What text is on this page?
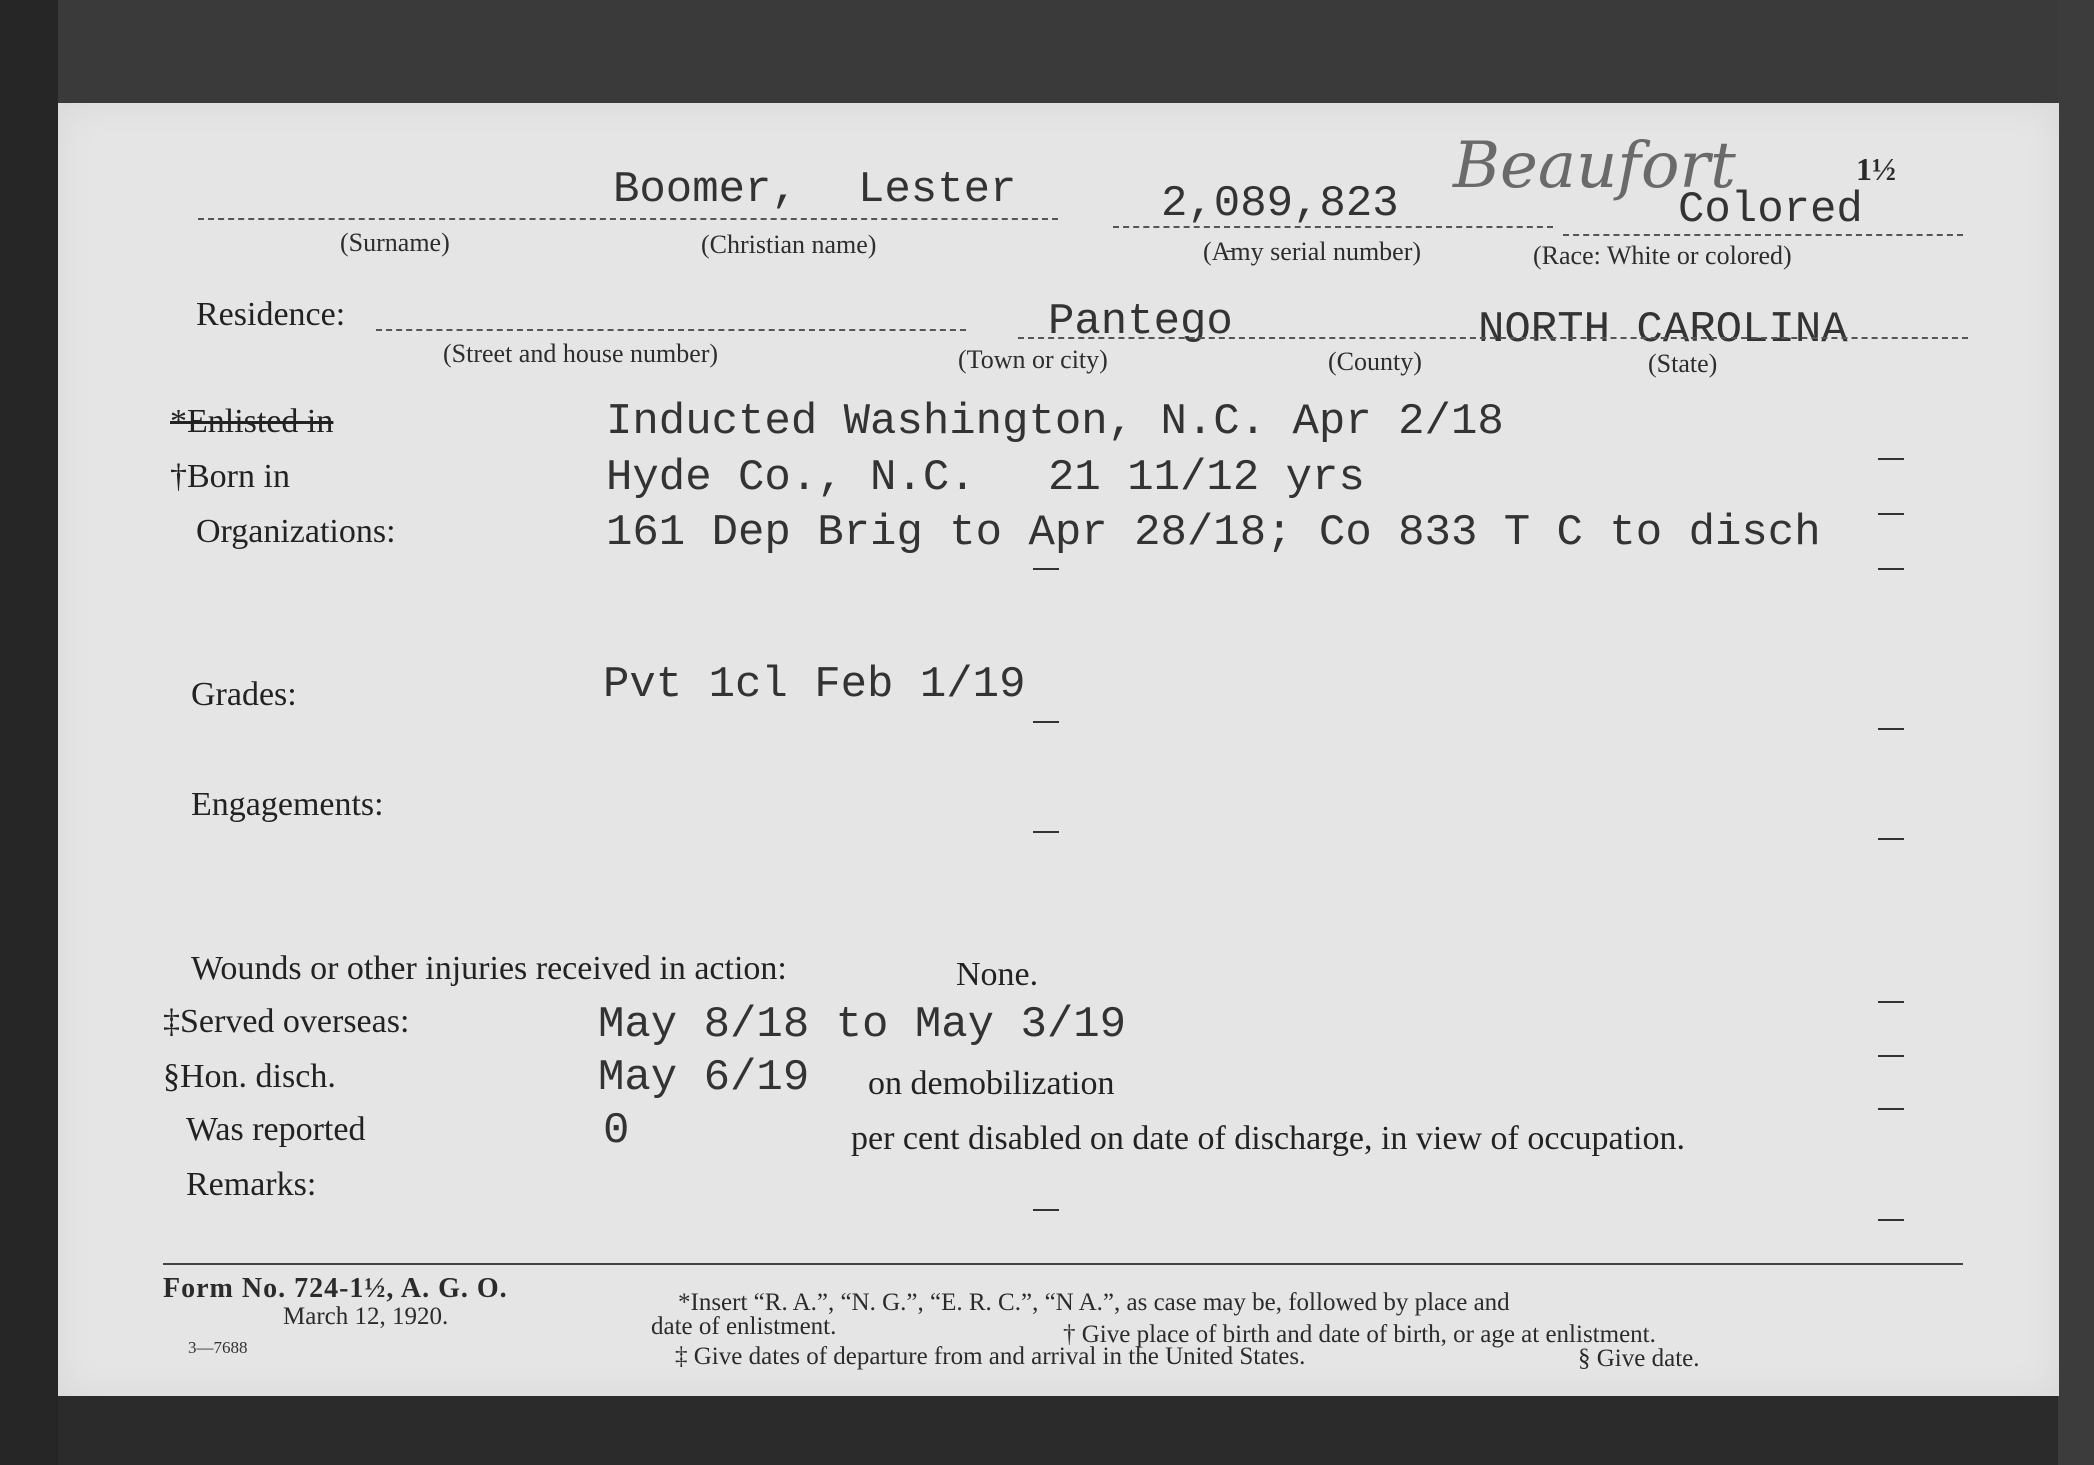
Boomer, Lester	2,089,823
Beaufort	1½
Colored
(Surname)	(Christian name)	(A̵my serial number)	(Race: White or colored)
Residence:	Pantego	NORTH CAROLINA
(Street and house number)	(Town or city)	(County)	(State)
*Enlisted in	Inducted Washington, N.C. Apr 2/18
†Born in	Hyde Co., N.C. 21 11/12 yrs
Organizations:	161 Dep Brig to Apr 28/18; Co 833 T C to disch
Grades:	Pvt 1cl Feb 1/19
Engagements:
Wounds or other injuries received in action:	None.
‡Served overseas:	May 8/18 to May 3/19
§Hon. disch.	May 6/19 on demobilization
Was reported	0	per cent disabled on date of discharge, in view of occupation.
Remarks:
Form No. 724-1½, A. G. O.
March 12, 1920.
3—7688
*Insert “R. A.”, “N. G.”, “E. R. C.”, “N A.”, as case may be, followed by place and
date of enlistment.	† Give place of birth and date of birth, or age at enlistment.
‡ Give dates of departure from and arrival in the United States.	§ Give date.
